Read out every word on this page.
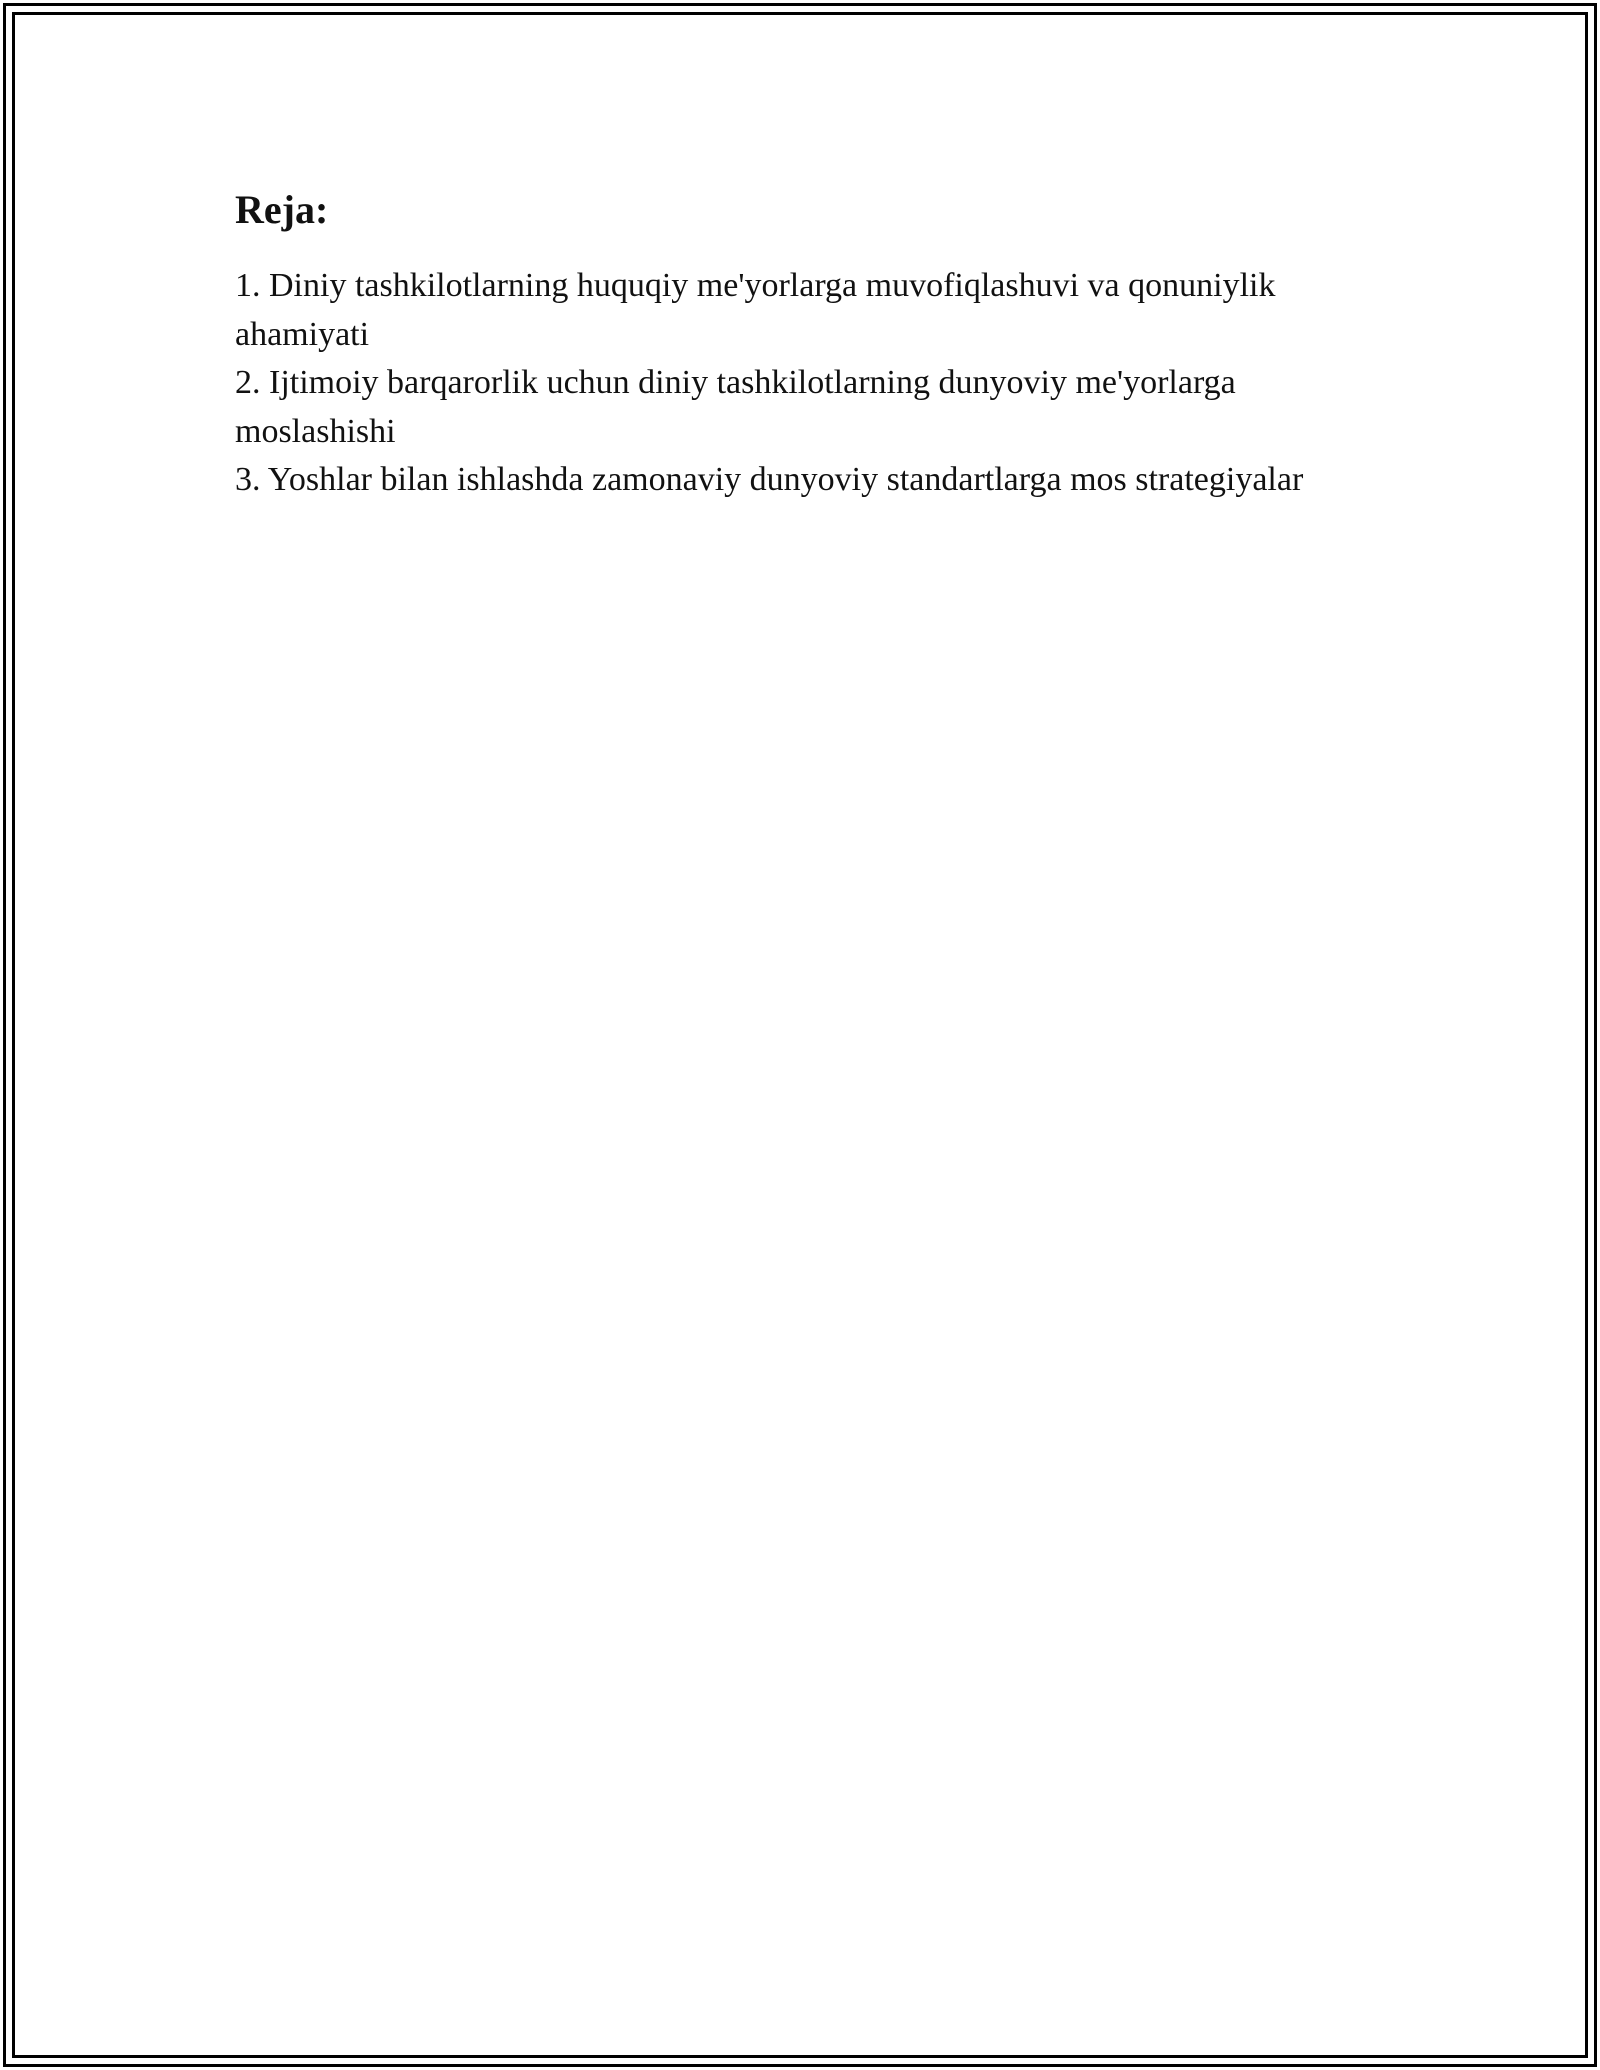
Reja:
1. Diniy tashkilotlarning huquqiy me'yorlarga muvofiqlashuvi va qonuniylik ahamiyati
2. Ijtimoiy barqarorlik uchun diniy tashkilotlarning dunyoviy me'yorlarga moslashishi
3. Yoshlar bilan ishlashda zamonaviy dunyoviy standartlarga mos strategiyalar
